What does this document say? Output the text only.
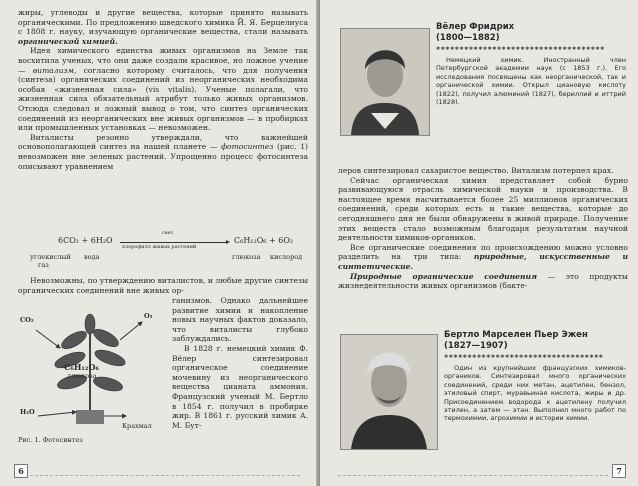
жиры, углеводы и другие вещества, которые принято называть органическими. По предложению шведского химика Й. Я. Берцелиуса с 1808 г. науку, изучающую органические вещества, стали называть органической химией.

Идея химического единства живых организмов на Земле так восхитила ученых, что они даже создали красивое, но ложное учение — витализм, согласно которому считалось, что для получения (синтеза) органических соединений из неорганических необходима особая «жизненная сила» (vis vitalis). Ученые полагали, что жизненная сила обязательный атрибут только живых организмов. Отсюда следовал и ложный вывод о том, что синтез органических соединений из неорганических вне живых организмов — в пробирках или промышленных установках — невозможен.

Виталисты резонно утверждали, что важнейшей основополагающей синтез на нашей планете — фотосинтез (рис. 1) невозможен вне зеленых растений. Упрощенно процесс фотосинтеза описывают уравнением

6CO₂ + 6H₂O
свет
хлорофилл живых растений
C₆H₁₂O₆ + 6O₂
углекислый
газ
вода	глюкоза кислород

Невозможны, по утверждению виталистов, и любые другие синтезы органических соединений вне живых ор-

ганизмов. Однако дальнейшее развитие химии и накопление новых научных фактов доказало, что виталисты глубоко заблуждались.

В 1828 г. немецкий химик Ф. Вёлер синтезировал органическое соединение мочевину из неорганического вещества цианата аммония. Французский ученый М. Бертло в 1854 г. получил в пробирке жир. В 1861 г. русский химик А. М. Бут-

CO₂	O₂
C₆H₁₂O₆
глюкоза
H₂O
Крахмал
Рис. 1. Фотосинтез
6
Вёлер Фридрих
(1800—1882)
✱✱✱✱✱✱✱✱✱✱✱✱✱✱✱✱✱✱✱✱✱✱✱✱✱✱✱✱✱✱✱✱✱✱✱✱

Немецкий химик. Иностранный член Петербургской академии наук (с 1853 г.). Его исследования посвящены как неорганической, так и органической химии. Открыл циановую кислоту (1822), получил алюминий (1827), бериллий и иттрий (1828).

леров синтезировал сахаристое вещество. Витализм потерпел крах.

Сейчас органическая химия представляет собой бурно развивающуюся отрасль химической науки и производства. В настоящее время насчитывается более 25 миллионов органических соединений, среди которых есть и такие вещества, которые до сегодняшнего дня не были обнаружены в живой природе. Получение этих веществ стало возможным благодаря результатам научной деятельности химиков-органиков.

Все органические соединения по происхождению можно условно разделить на три типа: природные, искусственные и синтетические.

Природные органические соединения — это продукты жизнедеятельности живых организмов (бакте-

Бертло Марселен Пьер Эжен
(1827—1907)
✱✱✱✱✱✱✱✱✱✱✱✱✱✱✱✱✱✱✱✱✱✱✱✱✱✱✱✱✱✱✱✱✱✱

Один из крупнейших французских химиков-органиков. Синтезировал много органических соединений, среди них метан, ацетилен, бензол, этиловый спирт, муравьиная кислота, жиры и др. Присоединением водорода к ацетилену получил этилен, а затем — этан. Выполнил много работ по термохимии, агрохимии и истории химии.

7
